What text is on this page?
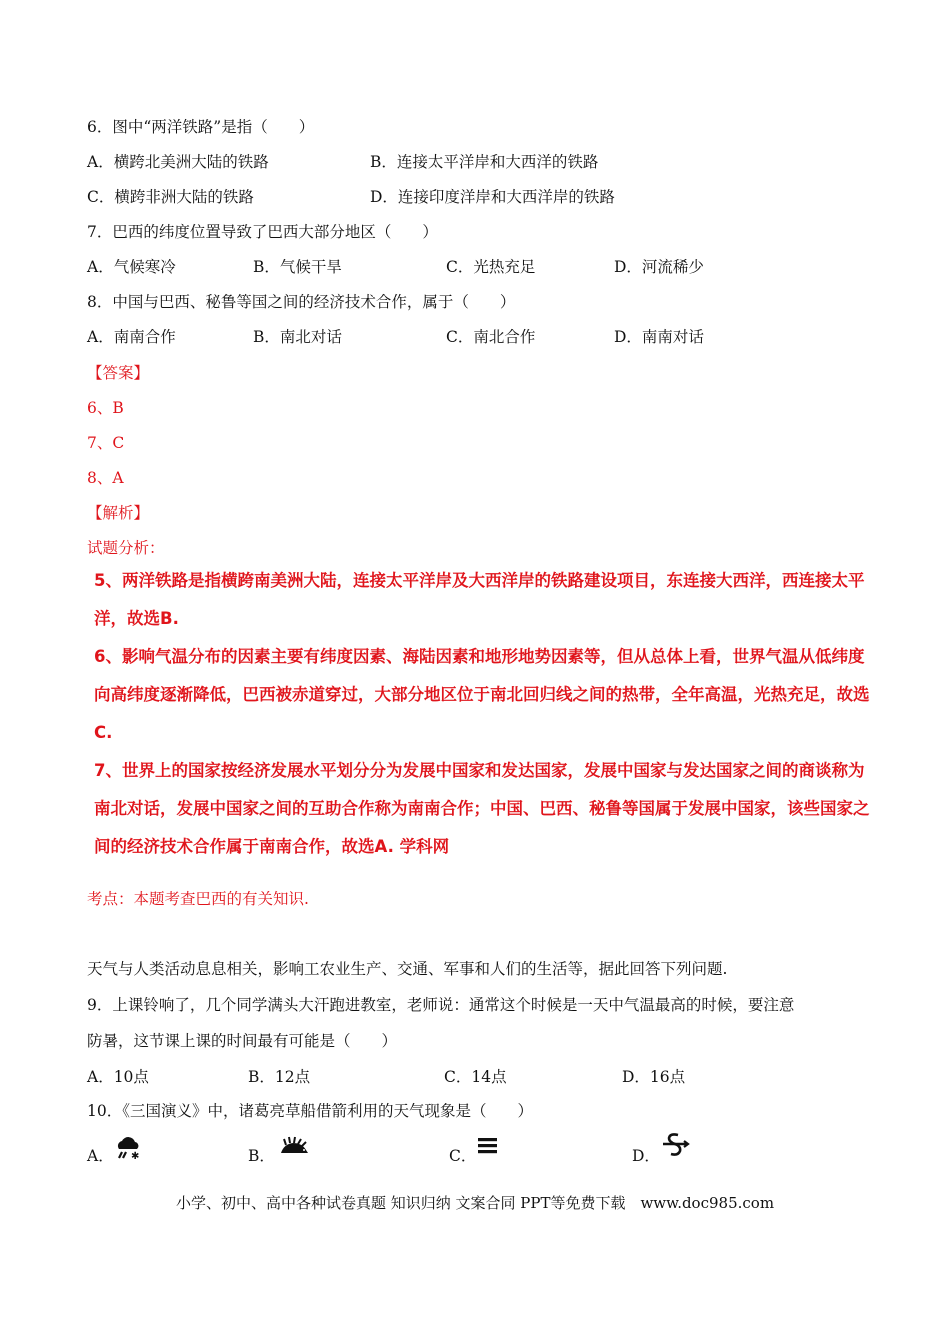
6．图中“两洋铁路”是指（　　）
A．横跨北美洲大陆的铁路	B．连接太平洋岸和大西洋的铁路
C．横跨非洲大陆的铁路	D．连接印度洋岸和大西洋岸的铁路
7．巴西的纬度位置导致了巴西大部分地区（　　）
A．气候寒冷	B．气候干旱	C．光热充足	D．河流稀少
8．中国与巴西、秘鲁等国之间的经济技术合作，属于（　　）
A．南南合作	B．南北对话	C．南北合作	D．南南对话
【答案】
6、B
7、C
8、A
【解析】
试题分析：

5、两洋铁路是指横跨南美洲大陆，连接太平洋岸及大西洋岸的铁路建设项目，东连接大西洋，西连接太平洋，故选B.

6、影响气温分布的因素主要有纬度因素、海陆因素和地形地势因素等，但从总体上看，世界气温从低纬度向高纬度逐渐降低，巴西被赤道穿过，大部分地区位于南北回归线之间的热带，全年高温，光热充足，故选C.

7、世界上的国家按经济发展水平划分分为发展中国家和发达国家，发展中国家与发达国家之间的商谈称为南北对话，发展中国家之间的互助合作称为南南合作；中国、巴西、秘鲁等国属于发展中国家，该些国家之间的经济技术合作属于南南合作，故选A. 学科网

考点：本题考查巴西的有关知识.
天气与人类活动息息相关，影响工农业生产、交通、军事和人们的生活等，据此回答下列问题.
9．上课铃响了，几个同学满头大汗跑进教室，老师说：通常这个时候是一天中气温最高的时候，要注意
防暑，这节课上课的时间最有可能是（　　）
A．10点	B．12点	C．14点	D．16点
10．《三国演义》中，诸葛亮草船借箭利用的天气现象是（　　）
A．	B．	C．	D．
✱
小学、初中、高中各种试卷真题 知识归纳 文案合同 PPT等免费下载　www.doc985.com
